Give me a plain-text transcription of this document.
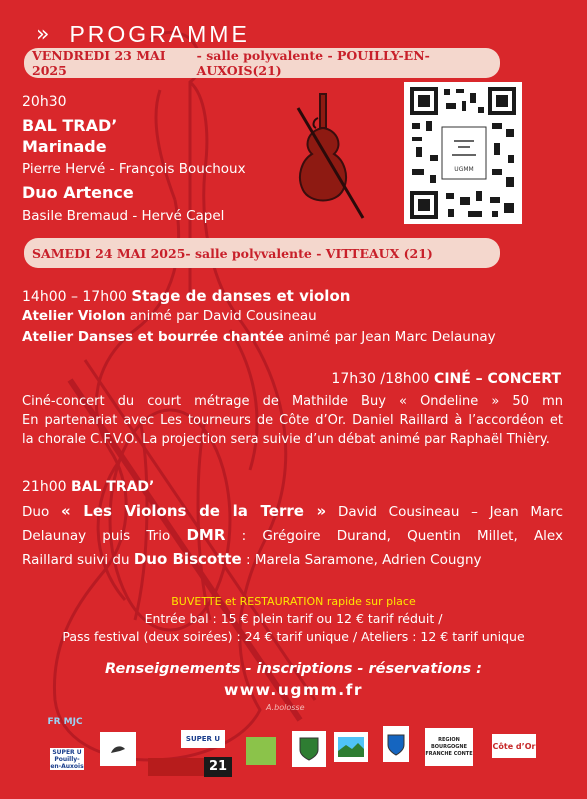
» PROGRAMME
VENDREDI 23 MAI 2025
- salle polyvalente - POUILLY-EN-AUXOIS(21)
20h30
BAL TRAD’
Marinade
Pierre Hervé - François Bouchoux
Duo Artence
Basile Bremaud - Hervé Capel
UGMM
SAMEDI 24 MAI 2025 - salle polyvalente - VITTEAUX (21)
14h00 – 17h00 Stage de danses et violon
Atelier Violon animé par David Cousineau
Atelier Danses et bourrée chantée animé par Jean Marc Delaunay
17h30 /18h00 CINÉ – CONCERT
Ciné-concert du court métrage de Mathilde Buy « Ondeline » 50 mn
En partenariat avec Les tourneurs de Côte d’Or. Daniel Raillard à l’accordéon et
la chorale C.F.V.O. La projection sera suivie d’un débat animé par Raphaël Thièry.
21h00 BAL TRAD’
Duo « Les Violons de la Terre » David Cousineau – Jean Marc
Delaunay puis Trio DMR : Grégoire Durand, Quentin Millet, Alex
Raillard suivi du Duo Biscotte : Marela Saramone, Adrien Cougny
BUVETTE et RESTAURATION rapide sur place
Entrée bal : 15 € plein tarif ou 12 € tarif réduit /
Pass festival (deux soirées) : 24 € tarif unique / Ateliers : 12 € tarif unique
Renseignements - inscriptions - réservations :
www.ugmm.fr
A.bolosse
FR MJC
SUPER U Pouilly-en-Auxois
SUPER U
21
REGION BOURGOGNE FRANCHE CONTE
Côte d’Or
